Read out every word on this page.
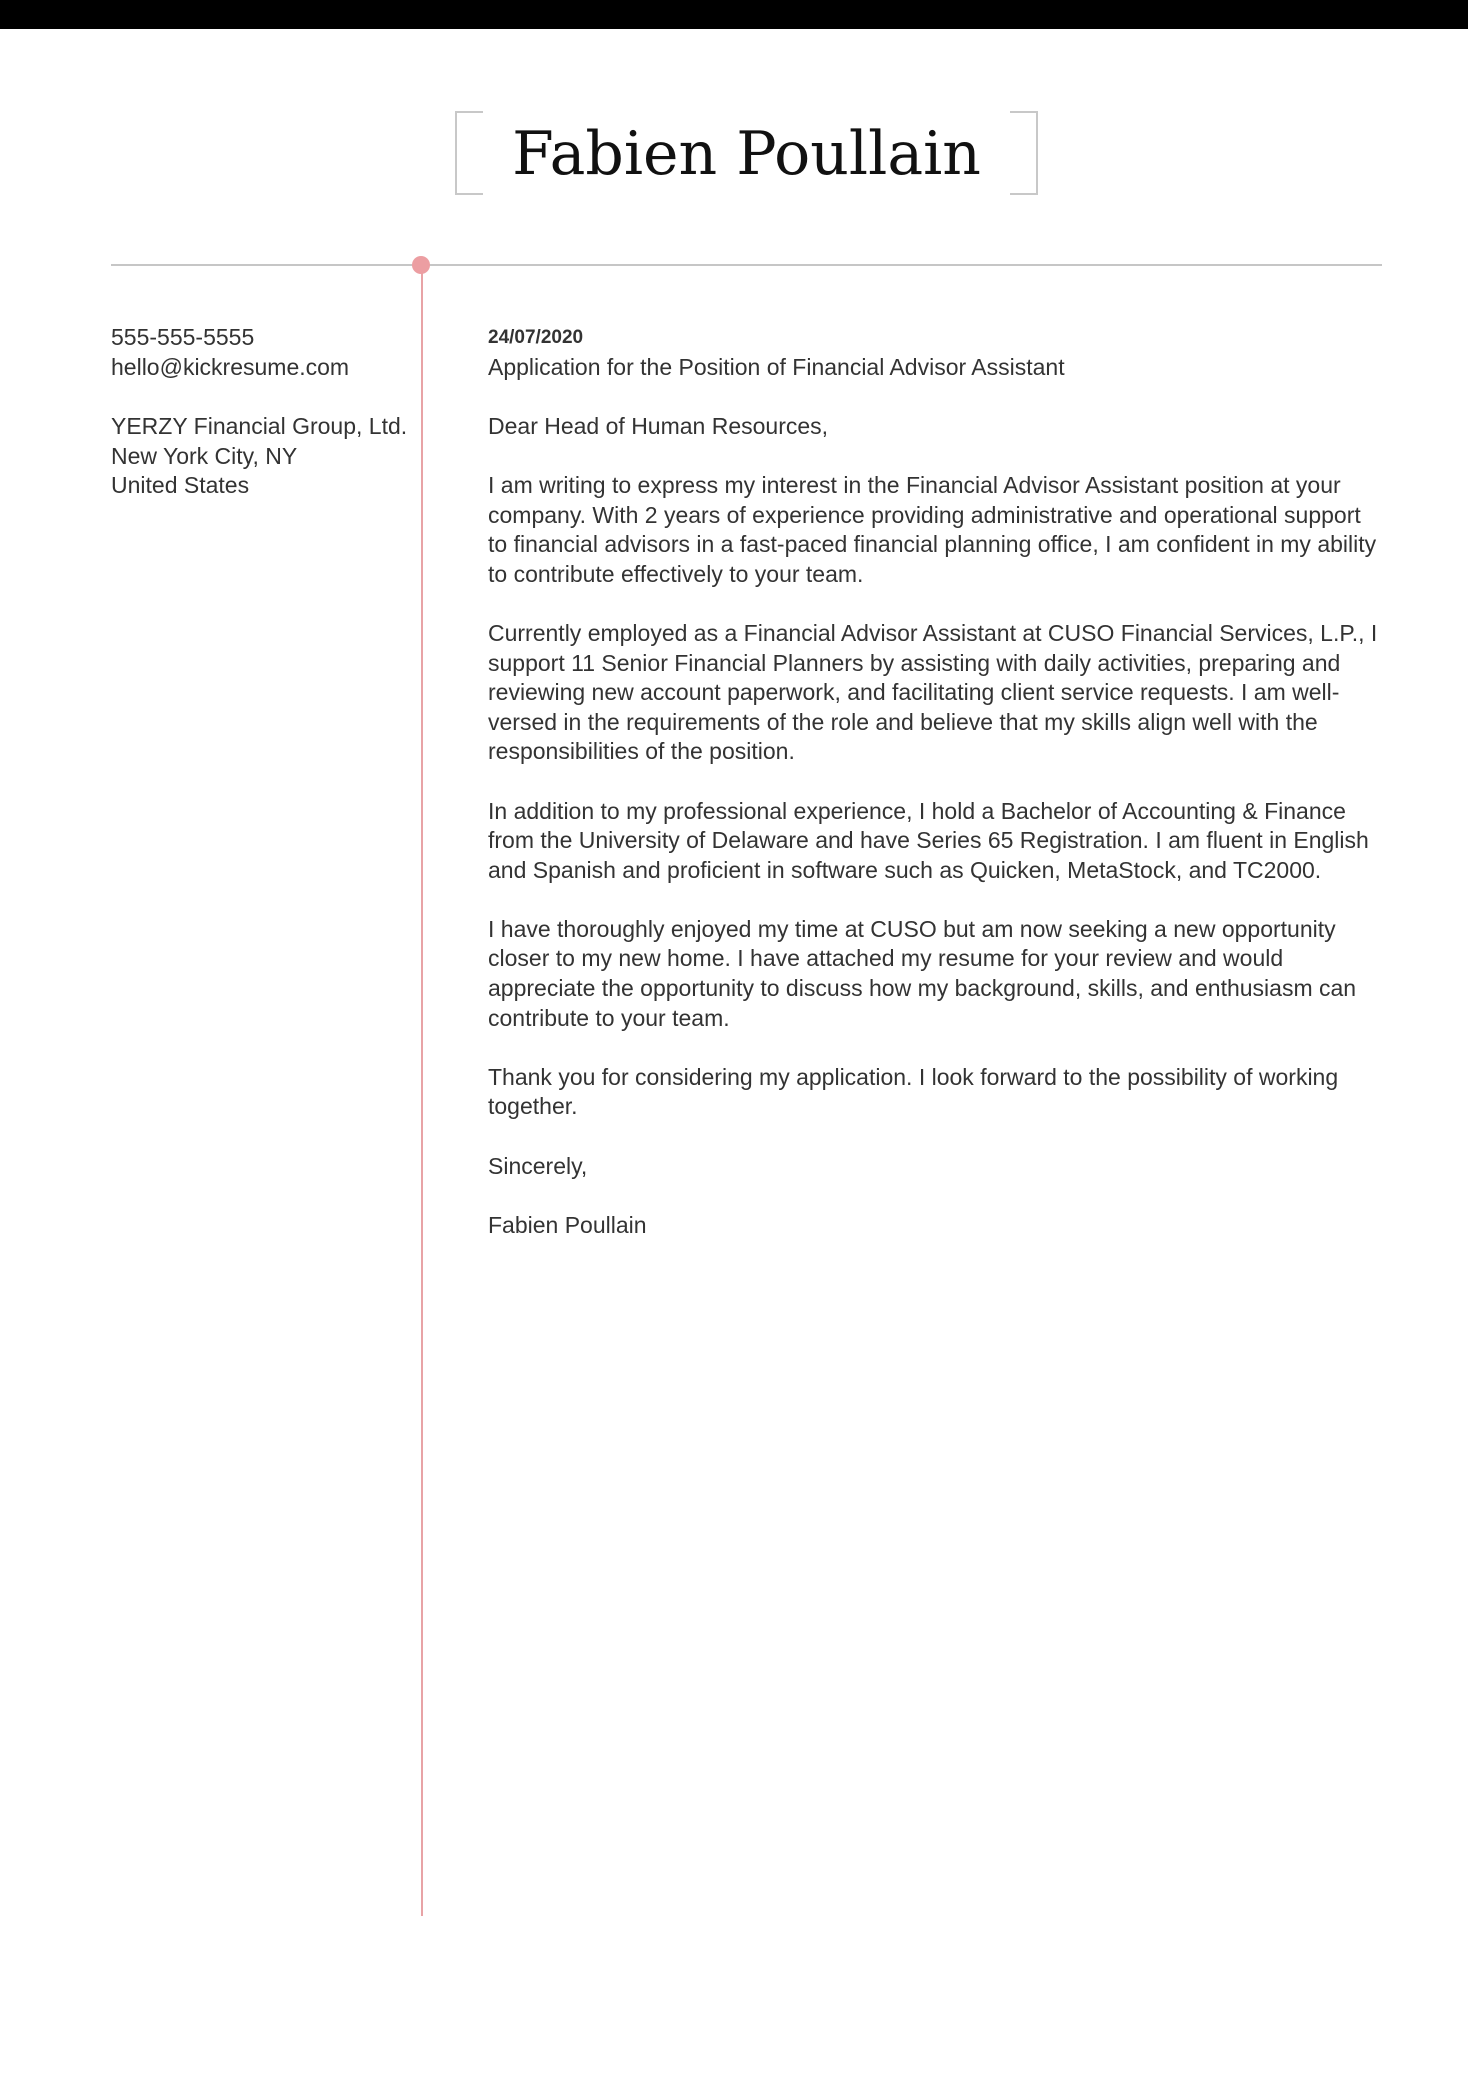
Fabien Poullain
555-555-5555
hello@kickresume.com
YERZY Financial Group, Ltd.
New York City, NY
United States
24/07/2020
Application for the Position of Financial Advisor Assistant

Dear Head of Human Resources,

I am writing to express my interest in the Financial Advisor Assistant position at your company. With 2 years of experience providing administrative and operational support to financial advisors in a fast-paced financial planning office, I am confident in my ability to contribute effectively to your team.

Currently employed as a Financial Advisor Assistant at CUSO Financial Services, L.P., I support 11 Senior Financial Planners by assisting with daily activities, preparing and reviewing new account paperwork, and facilitating client service requests. I am well-versed in the requirements of the role and believe that my skills align well with the responsibilities of the position.

In addition to my professional experience, I hold a Bachelor of Accounting & Finance from the University of Delaware and have Series 65 Registration. I am fluent in English and Spanish and proficient in software such as Quicken, MetaStock, and TC2000.

I have thoroughly enjoyed my time at CUSO but am now seeking a new opportunity closer to my new home. I have attached my resume for your review and would appreciate the opportunity to discuss how my background, skills, and enthusiasm can contribute to your team.

Thank you for considering my application. I look forward to the possibility of working together.

Sincerely,

Fabien Poullain
